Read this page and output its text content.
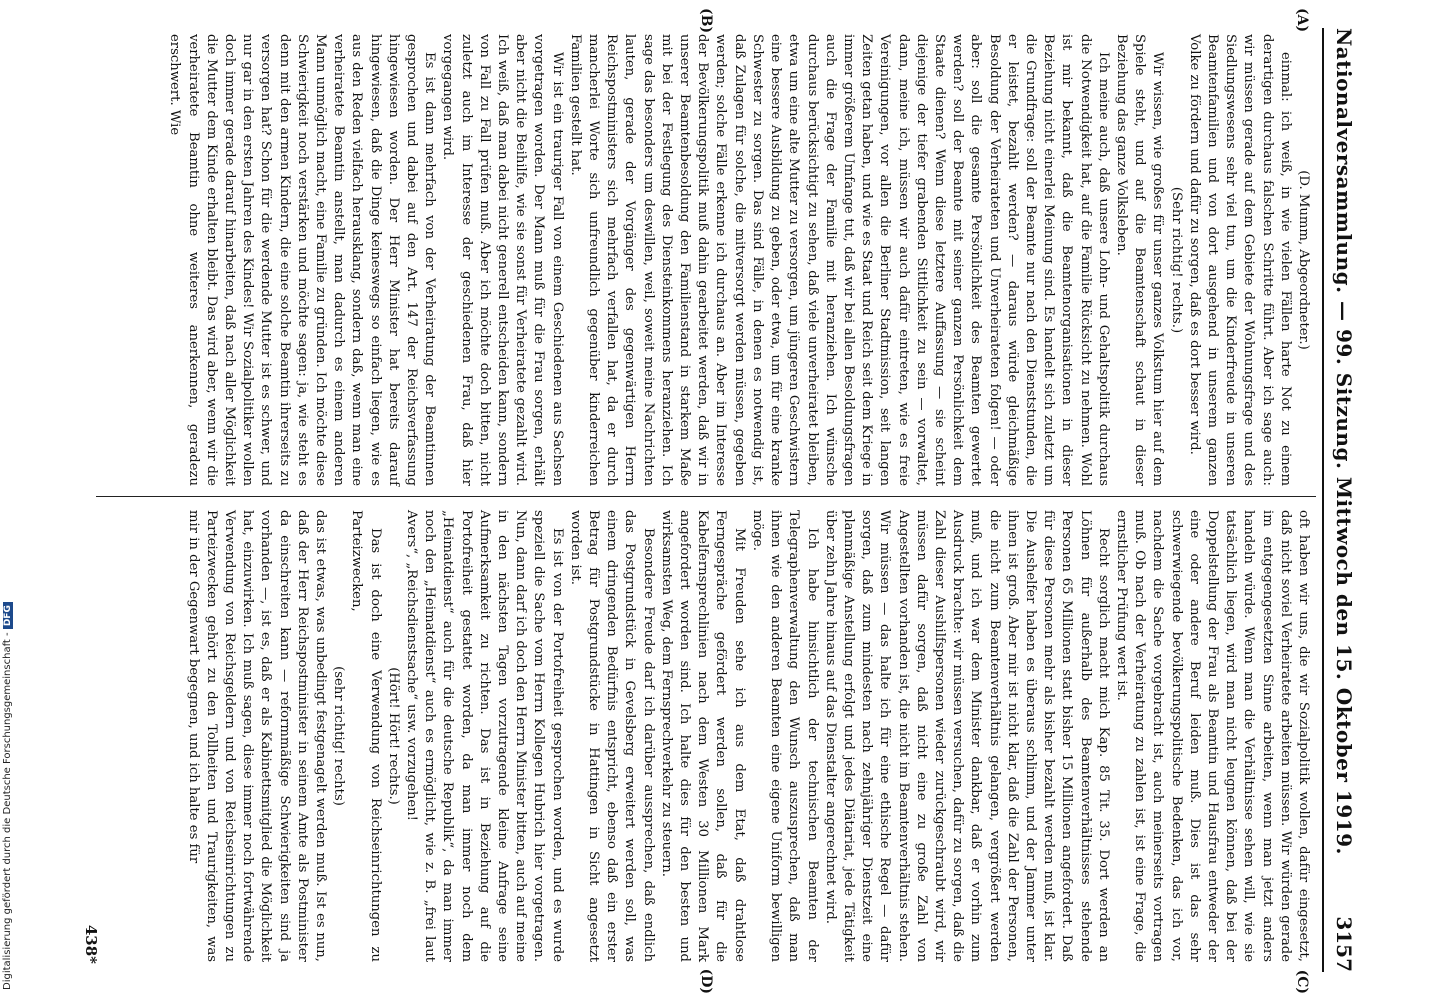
Nationalversammlung. — 99. Sitzung. Mittwoch den 15. Oktober 1919.
3157
(A)
(B)
(C)
(D)

(D. Mumm, Abgeordneter.)

einmal: ich weiß, in wie vielen Fällen harte Not zu einem derartigen durchaus falschen Schritte führt. Aber ich sage auch: wir müssen gerade auf dem Gebiete der Wohnungsfrage und des Siedlungswesens sehr viel tun, um die Kinderfreude in unseren Beamtenfamilien und von dort ausgehend in unserem ganzen Volke zu fördern und dafür zu sorgen, daß es dort besser wird.

(Sehr richtig! rechts.)

Wir wissen, wie großes für unser ganzes Volkstum hier auf dem Spiele steht, und auf die Beamtenschaft schaut in dieser Beziehung das ganze Volksleben.

Ich meine auch, daß unsere Lohn- und Gehaltspolitik durchaus die Notwendigkeit hat, auf die Familie Rücksicht zu nehmen. Wohl ist mir bekannt, daß die Beamtenorganisationen in dieser Beziehung nicht einerlei Meinung sind. Es handelt sich zuletzt um die Grundfrage: soll der Beamte nur nach den Dienststunden, die er leistet, bezahlt werden? — daraus würde gleichmäßige Besoldung der Verheirateten und Unverheirateten folgen! — oder aber: soll die gesamte Persönlichkeit des Beamten gewertet werden? soll der Beamte mit seiner ganzen Persönlichkeit dem Staate dienen? Wenn diese letztere Auffassung — sie scheint diejenige der tiefer grabenden Sittlichkeit zu sein — vorwaltet, dann, meine ich, müssen wir auch dafür eintreten, wie es freie Vereinigungen, vor allen die Berliner Stadtmission, seit langen Zeiten getan haben, und wie es Staat und Reich seit dem Kriege in immer größerem Umfange tut, daß wir bei allen Besoldungsfragen auch die Frage der Familie mit heranziehen. Ich wünsche durchaus berücksichtigt zu sehen, daß viele unverheiratet bleiben, etwa um eine alte Mutter zu versorgen, um jüngeren Geschwistern eine bessere Ausbildung zu geben, oder etwa, um für eine kranke Schwester zu sorgen. Das sind Fälle, in denen es notwendig ist, daß Zulagen für solche, die mitversorgt werden müssen, gegeben werden; solche Fälle erkenne ich durchaus an. Aber im Interesse der Bevölkerungspolitik muß dahin gearbeitet werden, daß wir in unserer Beamtenbesoldung den Familienstand in starkem Maße mit bei der Festlegung des Diensteinkommens heranziehen. Ich sage das besonders um deswillen, weil, soweit meine Nachrichten lauten, gerade der Vorgänger des gegenwärtigen Herrn Reichspostministers sich mehrfach verfallen hat, da er durch mancherlei Worte sich unfreundlich gegenüber kinderreichen Familien gestellt hat.

Wir ist ein trauriger Fall von einem Geschiedenen aus Sachsen vorgetragen worden. Der Mann muß für die Frau sorgen, erhält aber nicht die Beihilfe, wie sie sonst für Verheiratete gezahlt wird. Ich weiß, daß man dabei nicht generell entscheiden kann, sondern von Fall zu Fall prüfen muß. Aber ich möchte doch bitten, nicht zuletzt auch im Interesse der geschiedenen Frau, daß hier vorgegangen wird.

Es ist dann mehrfach von der Verheiratung der Beamtinnen gesprochen und dabei auf den Art. 147 der Reichsverfassung hingewiesen worden. Der Herr Minister hat bereits darauf hingewiesen, daß die Dinge keineswegs so einfach liegen, wie es aus den Reden vielfach herausklang, sondern daß, wenn man eine verheiratete Beamtin anstellt, man dadurch es einem anderen Mann unmöglich macht, eine Familie zu gründen. Ich möchte diese Schwierigkeit noch verstärken und möchte sagen: ja, wie steht es denn mit den armen Kindern, die eine solche Beamtin ihrerseits zu versorgen hat? Schon für die werdende Mutter ist es schwer, und nur gar in den ersten Jahren des Kindes! Wir Sozialpolitiker wollen doch immer gerade darauf hinarbeiten, daß nach aller Möglichkeit die Mutter dem Kinde erhalten bleibt. Das wird aber, wenn wir die verheiratete Beamtin ohne weiteres anerkennen, geradezu erschwert. Wie

oft haben wir uns, die wir Sozialpolitik wollen, dafür eingesetzt, daß nicht soviel Verheiratete arbeiten müssen. Wir würden gerade im entgegengesetzten Sinne arbeiten, wenn man jetzt anders handeln würde. Wenn man die Verhältnisse sehen will, wie sie tatsächlich liegen, wird man nicht leugnen können, daß bei der Doppelstellung der Frau als Beamtin und Hausfrau entweder der eine oder andere Beruf leiden muß. Dies ist das sehr schwerwiegende bevölkerungspolitische Bedenken, das ich vor, nachdem die Sache vorgebracht ist, auch meinerseits vortragen muß. Ob nach der Verheiratung zu zahlen ist, ist eine Frage, die ernstlicher Prüfung wert ist.

Recht sorglich macht mich Kap. 85 Tit. 35. Dort werden an Löhnen für außerhalb des Beamtenverhältnisses stehende Personen 65 Millionen statt bisher 15 Millionen angefordert. Daß für diese Personen mehr als bisher bezahlt werden muß, ist klar. Die Aushelfer haben es überaus schlimm, und der Jammer unter ihnen ist groß. Aber mir ist nicht klar, daß die Zahl der Personen, die nicht zum Beamtenverhältnis gelangen, vergrößert werden muß, und ich war dem Minister dankbar, daß er vorhin zum Ausdruck brachte: wir müssen versuchen, dafür zu sorgen, daß die Zahl dieser Aushilfspersonen wieder zurückgeschraubt wird, wir müssen dafür sorgen, daß nicht eine zu große Zahl von Angestellten vorhanden ist, die nicht im Beamtenverhältnis stehen. Wir müssen — das halte ich für eine ethische Regel — dafür sorgen, daß zum mindesten nach zehnjähriger Dienstzeit eine planmäßige Anstellung erfolgt und jedes Diätariat, jede Tätigkeit über zehn Jahre hinaus auf das Dienstalter angerechnet wird.

Ich habe hinsichtlich der technischen Beamten der Telegraphenverwaltung den Wunsch auszusprechen, daß man ihnen wie den anderen Beamten eine eigene Uniform bewilligen möge.

Mit Freuden sehe ich aus dem Etat, daß drahtlose Ferngespräche gefördert werden sollen, daß für die Kabelfernsprechlinien nach dem Westen 30 Millionen Mark angefordert worden sind. Ich halte dies für den besten und wirksamsten Weg, dem Fernsprechverkehr zu steuern.

Besondere Freude darf ich darüber aussprechen, daß endlich das Postgrundstück in Gevelsberg erweitert werden soll, was einem dringenden Bedürfnis entspricht, ebenso daß ein erster Betrag für Postgrundstücke in Hattingen in Sicht angesetzt worden ist.

Es ist von der Portofreiheit gesprochen worden, und es wurde speziell die Sache vom Herrn Kollegen Hubrich hier vorgetragen. Nun, dann darf ich doch den Herrn Minister bitten, auch auf meine in den nächsten Tagen vorzutragende kleine Anfrage seine Aufmerksamkeit zu richten. Das ist in Beziehung auf die Portofreiheit gestattet worden, da man immer noch dem „Heimatdienst“ auch für die deutsche Republik“, da man immer noch den „Heimatdienst“ auch es ermöglicht, wie z. B. „frei laut Avers“, „Reichsdienstsache“ usw. vorzugehen!

(Hört! Hört! rechts.)

Das ist doch eine Verwendung von Reichseinrichtungen zu Parteizwecken,

(sehr richtig! rechts)

das ist etwas, was unbedingt festgenagelt werden muß. Ist es nun, daß der Herr Reichspostminister in seinem Amte als Postminister da einschreiten kann — reformmäßige Schwierigkeiten sind ja vorhanden —, ist es, daß er als Kabinettsmitglied die Möglichkeit hat, einzuwirken. Ich muß sagen, diese immer noch fortwährende Verwendung von Reichsgeldern und von Reichseinrichtungen zu Parteizwecken gehört zu den Tollheiten und Traurigkeiten, was mir in der Gegenwart begegnen, und ich halte es für

438*
Digitalisierung gefördert durch die Deutsche Forschungsgemeinschaft - DFG
